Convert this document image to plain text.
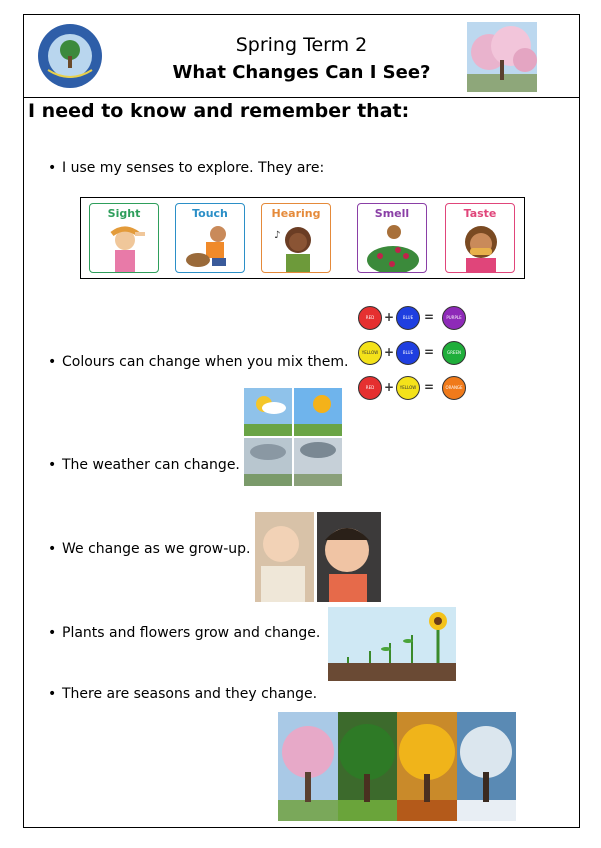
Spring Term 2
What Changes Can I See?
I need to know and remember that:
• I use my senses to explore. They are:
Sight	Touch	Hearing
♪
Smell	Taste
RED +	BLUE =	PURPLE
YELLOW +	BLUE =	GREEN
RED +	YELLOW =	ORANGE
• Colours can change when you mix them.
• The weather can change.
• We change as we grow-up.
• Plants and flowers grow and change.
• There are seasons and they change.
